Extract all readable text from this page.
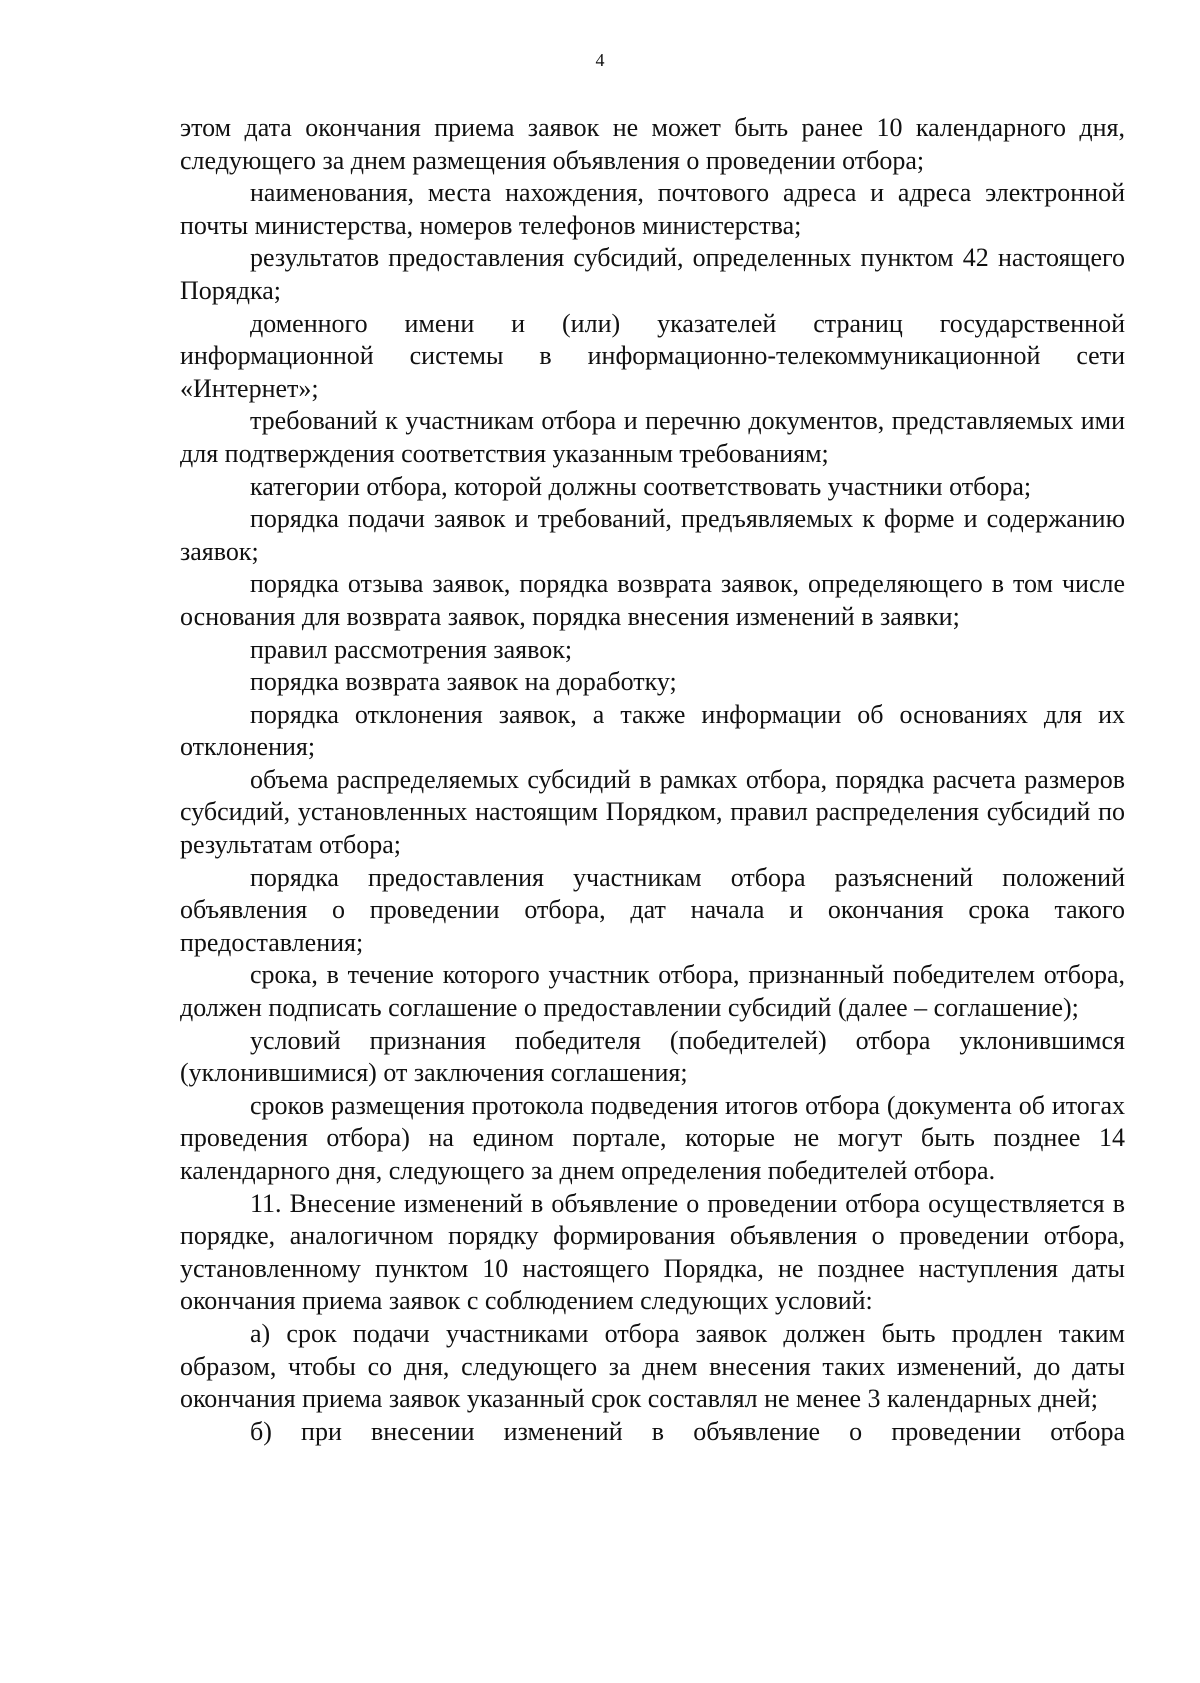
4

этом дата окончания приема заявок не может быть ранее 10 календарного дня, следующего за днем размещения объявления о проведении отбора;

наименования, места нахождения, почтового адреса и адреса электронной почты министерства, номеров телефонов министерства;

результатов предоставления субсидий, определенных пунктом 42 настоящего Порядка;

доменного имени и (или) указателей страниц государственной информационной системы в информационно-телекоммуникационной сети «Интернет»;

требований к участникам отбора и перечню документов, представляемых ими для подтверждения соответствия указанным требованиям;

категории отбора, которой должны соответствовать участники отбора;

порядка подачи заявок и требований, предъявляемых к форме и содержанию заявок;

порядка отзыва заявок, порядка возврата заявок, определяющего в том числе основания для возврата заявок, порядка внесения изменений в заявки;

правил рассмотрения заявок;

порядка возврата заявок на доработку;

порядка отклонения заявок, а также информации об основаниях для их отклонения;

объема распределяемых субсидий в рамках отбора, порядка расчета размеров субсидий, установленных настоящим Порядком, правил распределения субсидий по результатам отбора;

порядка предоставления участникам отбора разъяснений положений объявления о проведении отбора, дат начала и окончания срока такого предоставления;

срока, в течение которого участник отбора, признанный победителем отбора, должен подписать соглашение о предоставлении субсидий (далее – соглашение);

условий признания победителя (победителей) отбора уклонившимся (уклонившимися) от заключения соглашения;

сроков размещения протокола подведения итогов отбора (документа об итогах проведения отбора) на едином портале, которые не могут быть позднее 14 календарного дня, следующего за днем определения победителей отбора.

11. Внесение изменений в объявление о проведении отбора осуществляется в порядке, аналогичном порядку формирования объявления о проведении отбора, установленному пунктом 10 настоящего Порядка, не позднее наступления даты окончания приема заявок с соблюдением следующих условий:

а) срок подачи участниками отбора заявок должен быть продлен таким образом, чтобы со дня, следующего за днем внесения таких изменений, до даты окончания приема заявок указанный срок составлял не менее 3 календарных дней;

б) при внесении изменений в объявление о проведении отбора
